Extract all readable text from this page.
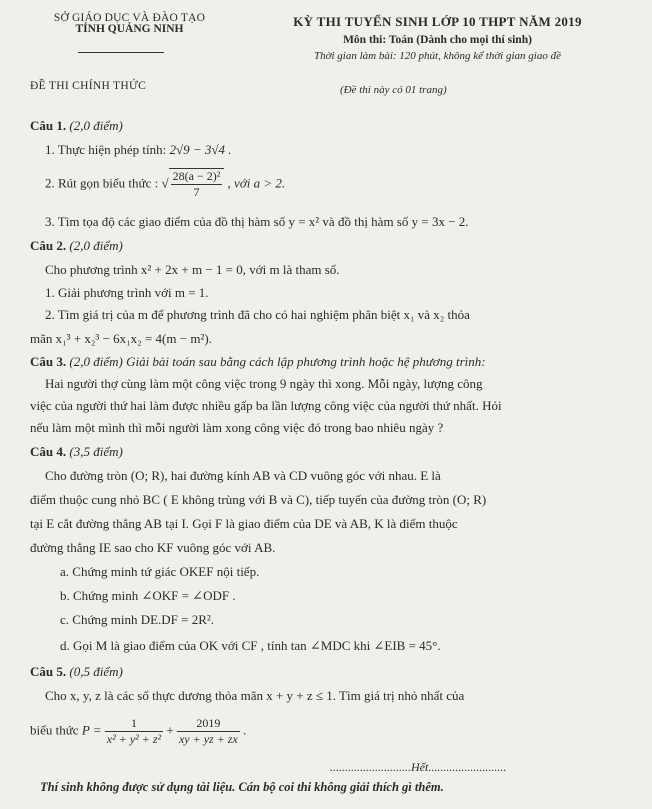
SỞ GIÁO DỤC VÀ ĐÀO TẠO
TỈNH QUẢNG NINH
ĐỀ THI CHÍNH THỨC
KỲ THI TUYỂN SINH LỚP 10 THPT NĂM 2019
Môn thi: Toán (Dành cho mọi thí sinh)
Thời gian làm bài: 120 phút, không kể thời gian giao đề
(Đề thi này có 01 trang)
Câu 1. (2,0 điểm)
1. Thực hiện phép tính: 2√9 − 3√4 .
2. Rút gọn biểu thức : √ $\frac{\text{28(a − 2)²}}{7}$ , với a > 2.
3. Tìm tọa độ các giao điểm của đồ thị hàm số y = x² và đồ thị hàm số y = 3x − 2.
Câu 2. (2,0 điểm)
Cho phương trình x² + 2x + m − 1 = 0, với m là tham số.
1. Giải phương trình với m = 1.
2. Tìm giá trị của m để phương trình đã cho có hai nghiệm phân biệt x₁ và x₂ thỏa
mãn x₁³ + x₂³ − 6x₁x₂ = 4(m − m²).
Câu 3. (2,0 điểm) Giải bài toán sau bằng cách lập phương trình hoặc hệ phương trình:
Hai người thợ cùng làm một công việc trong 9 ngày thì xong. Mỗi ngày, lượng công
việc của người thứ hai làm được nhiều gấp ba lần lượng công việc của người thứ nhất. Hỏi
nếu làm một mình thì mỗi người làm xong công việc đó trong bao nhiêu ngày ?
Câu 4. (3,5 điểm)
Cho đường tròn (O; R), hai đường kính AB và CD vuông góc với nhau. E là
điểm thuộc cung nhỏ BC ( E không trùng với B và C), tiếp tuyến của đường tròn (O; R)
tại E cắt đường thẳng AB tại I. Gọi F là giao điểm của DE và AB, K là điểm thuộc
đường thẳng IE sao cho KF vuông góc với AB.
a. Chứng minh tứ giác OKEF nội tiếp.
b. Chứng minh ∠OKF = ∠ODF .
c. Chứng minh DE.DF = 2R².
d. Gọi M là giao điểm của OK với CF , tính tan ∠MDC khi ∠EIB = 45°.
Câu 5. (0,5 điểm)
Cho x, y, z là các số thực dương thỏa mãn x + y + z ≤ 1. Tìm giá trị nhỏ nhất của
biểu thức $P = \frac{1}{\text{x² + y² + z²}} + \frac{2019}{xy + yz + zx}$ .
...........................Hết..........................
Thí sinh không được sử dụng tài liệu. Cán bộ coi thi không giải thích gì thêm.
